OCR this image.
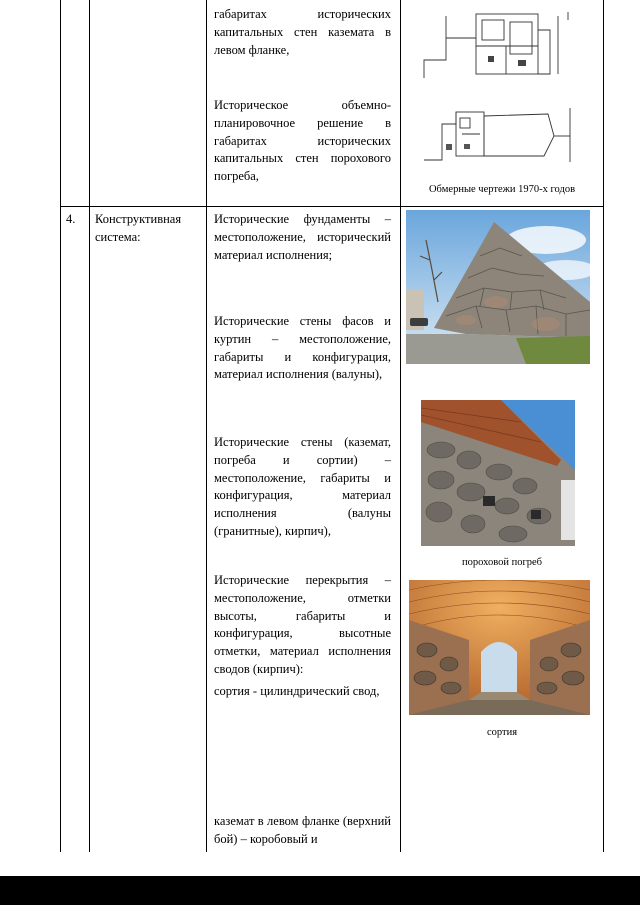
габаритах исторических
капитальных стен каземата в
левом фланке,
Историческое объемно-
планировочное решение в
габаритах исторических
капитальных стен порохового
погреба,
Обмерные чертежи 1970-х годов
4. Конструктивная система:
Исторические фундаменты – местоположение, исторический материал исполнения;
Исторические стены фасов и куртин – местоположение, габариты и конфигурация, материал исполнения (валуны),
Исторические стены (каземат, погреба и сортии) – местоположение, габариты и конфигурация, материал исполнения (валуны (гранитные), кирпич),
Исторические перекрытия – местоположение, отметки высоты, габариты и конфигурация, высотные отметки, материал исполнения сводов (кирпич):
сортия - цилиндрический свод,
каземат в левом фланке (верхний бой) – коробовый и
пороховой погреб
сортия
